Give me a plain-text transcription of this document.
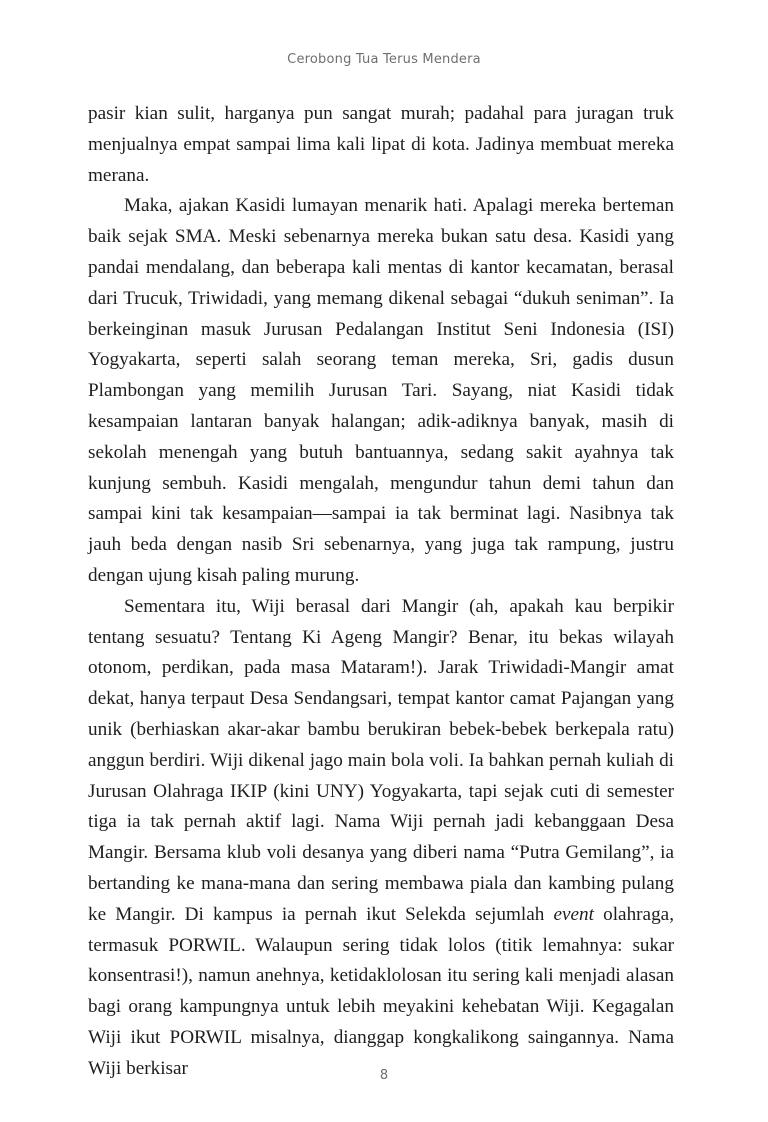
Cerobong Tua Terus Mendera

pasir kian sulit, harganya pun sangat murah; padahal para juragan truk menjualnya empat sampai lima kali lipat di kota. Jadinya membuat mereka merana.

Maka, ajakan Kasidi lumayan menarik hati. Apalagi mereka berteman baik sejak SMA. Meski sebenarnya mereka bukan satu desa. Kasidi yang pandai mendalang, dan beberapa kali mentas di kantor kecamatan, berasal dari Trucuk, Triwidadi, yang memang dikenal sebagai “dukuh seniman”. Ia berkeinginan masuk Jurusan Pedalangan Institut Seni Indonesia (ISI) Yogyakarta, seperti salah seorang teman mereka, Sri, gadis dusun Plambongan yang memilih Jurusan Tari. Sayang, niat Kasidi tidak kesampaian lantaran banyak halangan; adik-adiknya banyak, masih di sekolah menengah yang butuh bantuannya, sedang sakit ayahnya tak kunjung sembuh. Kasidi mengalah, mengundur tahun demi tahun dan sampai kini tak kesampaian—sampai ia tak berminat lagi. Nasibnya tak jauh beda dengan nasib Sri sebenarnya, yang juga tak rampung, justru dengan ujung kisah paling murung.

Sementara itu, Wiji berasal dari Mangir (ah, apakah kau berpikir tentang sesuatu? Tentang Ki Ageng Mangir? Benar, itu bekas wilayah otonom, perdikan, pada masa Mataram!). Jarak Triwidadi-Mangir amat dekat, hanya terpaut Desa Sendangsari, tempat kantor camat Pajangan yang unik (berhiaskan akar-akar bambu berukiran bebek-bebek berkepala ratu) anggun berdiri. Wiji dikenal jago main bola voli. Ia bahkan pernah kuliah di Jurusan Olahraga IKIP (kini UNY) Yogyakarta, tapi sejak cuti di semester tiga ia tak pernah aktif lagi. Nama Wiji pernah jadi kebanggaan Desa Mangir. Bersama klub voli desanya yang diberi nama “Putra Gemilang”, ia bertanding ke mana-mana dan sering membawa piala dan kambing pulang ke Mangir. Di kampus ia pernah ikut Selekda sejumlah event olahraga, termasuk PORWIL. Walaupun sering tidak lolos (titik lemahnya: sukar konsentrasi!), namun anehnya, ketidaklolosan itu sering kali menjadi alasan bagi orang kampungnya untuk lebih meyakini kehebatan Wiji. Kegagalan Wiji ikut PORWIL misalnya, dianggap kongkalikong saingannya. Nama Wiji berkisar	8
